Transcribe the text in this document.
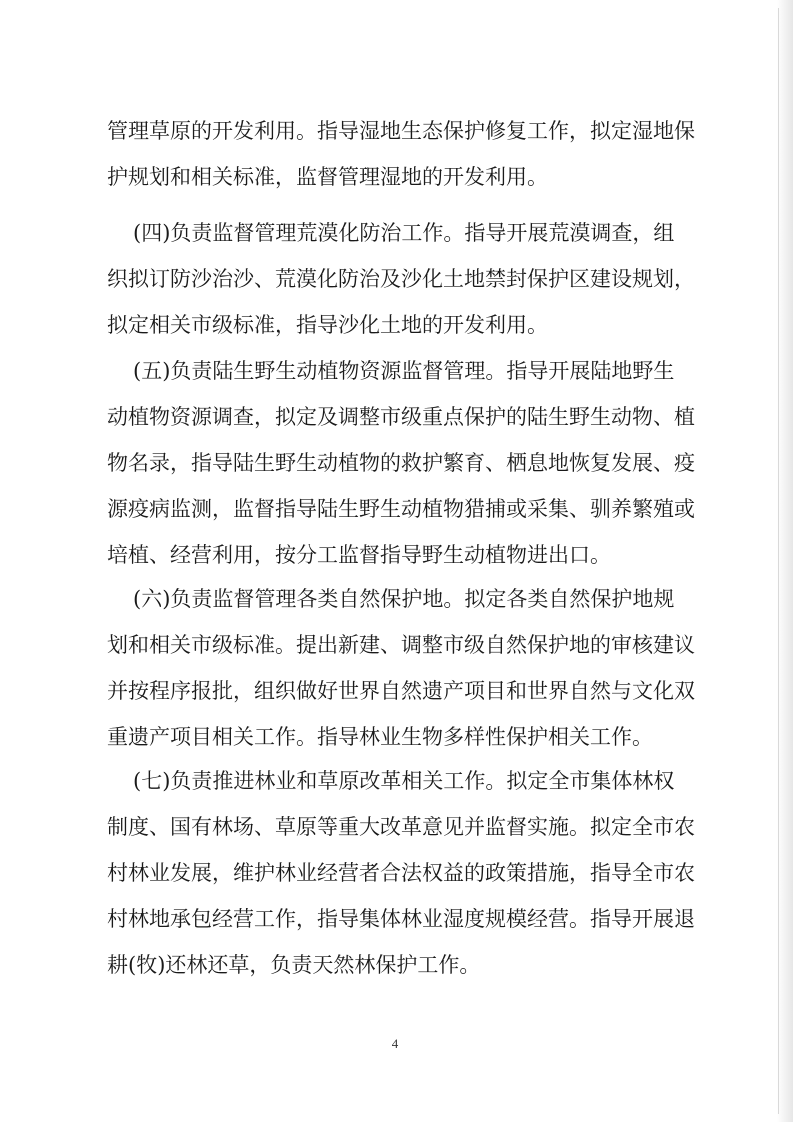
管理草原的开发利用。指导湿地生态保护修复工作，拟定湿地保
护规划和相关标准，监督管理湿地的开发利用。
(四)负责监督管理荒漠化防治工作。指导开展荒漠调查，组
织拟订防沙治沙、荒漠化防治及沙化土地禁封保护区建设规划，
拟定相关市级标准，指导沙化土地的开发利用。
(五)负责陆生野生动植物资源监督管理。指导开展陆地野生
动植物资源调查，拟定及调整市级重点保护的陆生野生动物、植
物名录，指导陆生野生动植物的救护繁育、栖息地恢复发展、疫
源疫病监测，监督指导陆生野生动植物猎捕或采集、驯养繁殖或
培植、经营利用，按分工监督指导野生动植物进出口。
(六)负责监督管理各类自然保护地。拟定各类自然保护地规
划和相关市级标准。提出新建、调整市级自然保护地的审核建议
并按程序报批，组织做好世界自然遗产项目和世界自然与文化双
重遗产项目相关工作。指导林业生物多样性保护相关工作。
(七)负责推进林业和草原改革相关工作。拟定全市集体林权
制度、国有林场、草原等重大改革意见并监督实施。拟定全市农
村林业发展，维护林业经营者合法权益的政策措施，指导全市农
村林地承包经营工作，指导集体林业湿度规模经营。指导开展退
耕(牧)还林还草，负责天然林保护工作。
4
